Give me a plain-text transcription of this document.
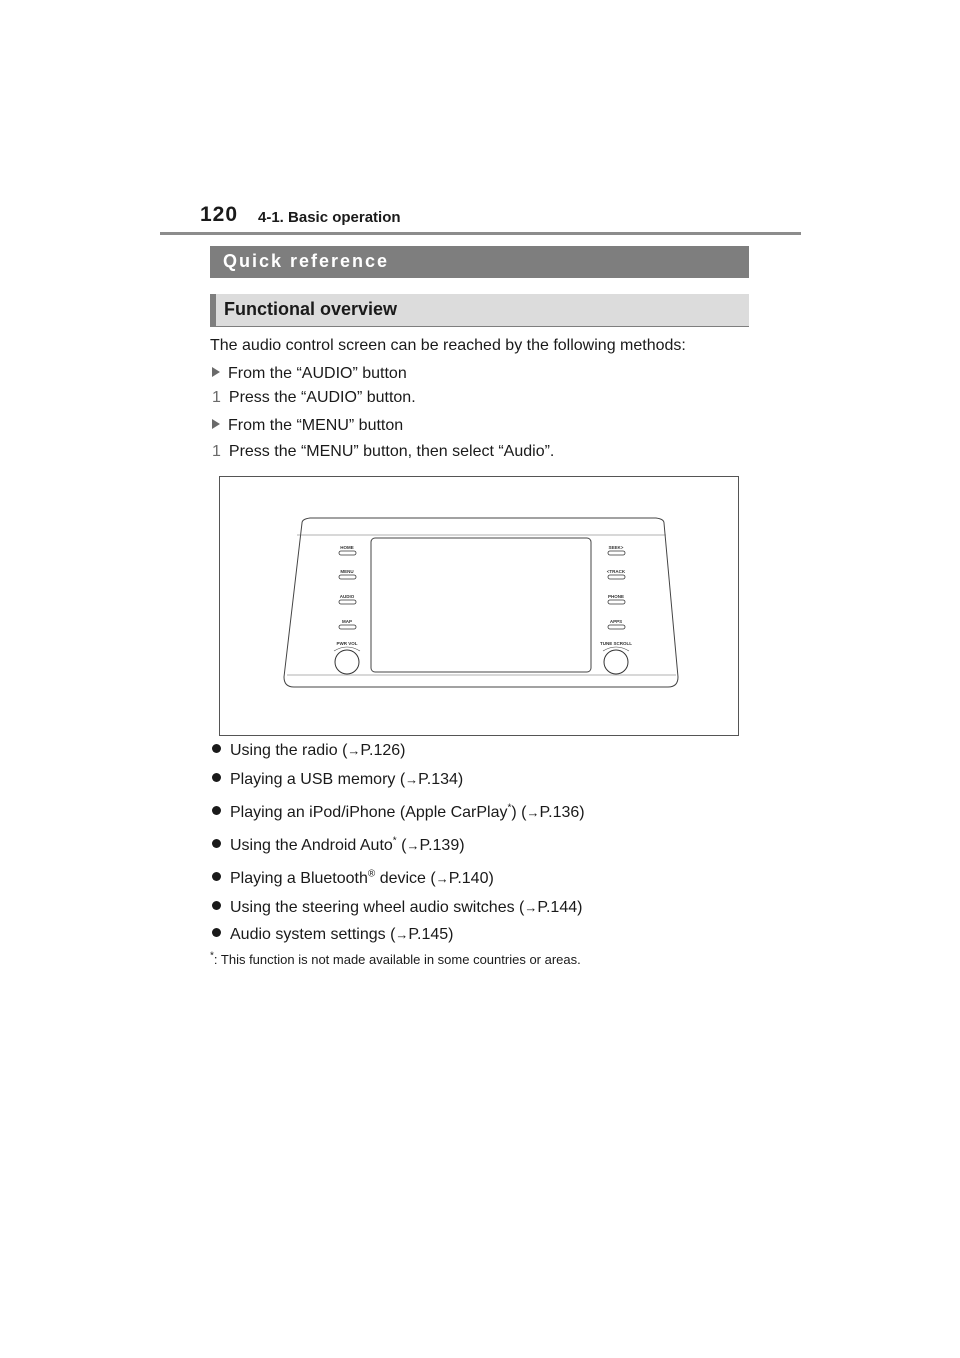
120 4-1. Basic operation
Quick reference
Functional overview
The audio control screen can be reached by the following methods:
From the “AUDIO” button
1 Press the “AUDIO” button.
From the “MENU” button
1 Press the “MENU” button, then select “Audio”.
HOME
MENU
AUDIO
MAP
PWR VOL
SEEK>
<TRACK
PHONE
APPS
TUNE SCROLL
Using the radio (→P.126)
Playing a USB memory (→P.134)
Playing an iPod/iPhone (Apple CarPlay*) (→P.136)
Using the Android Auto* (→P.139)
Playing a Bluetooth® device (→P.140)
Using the steering wheel audio switches (→P.144)
Audio system settings (→P.145)
*: This function is not made available in some countries or areas.
